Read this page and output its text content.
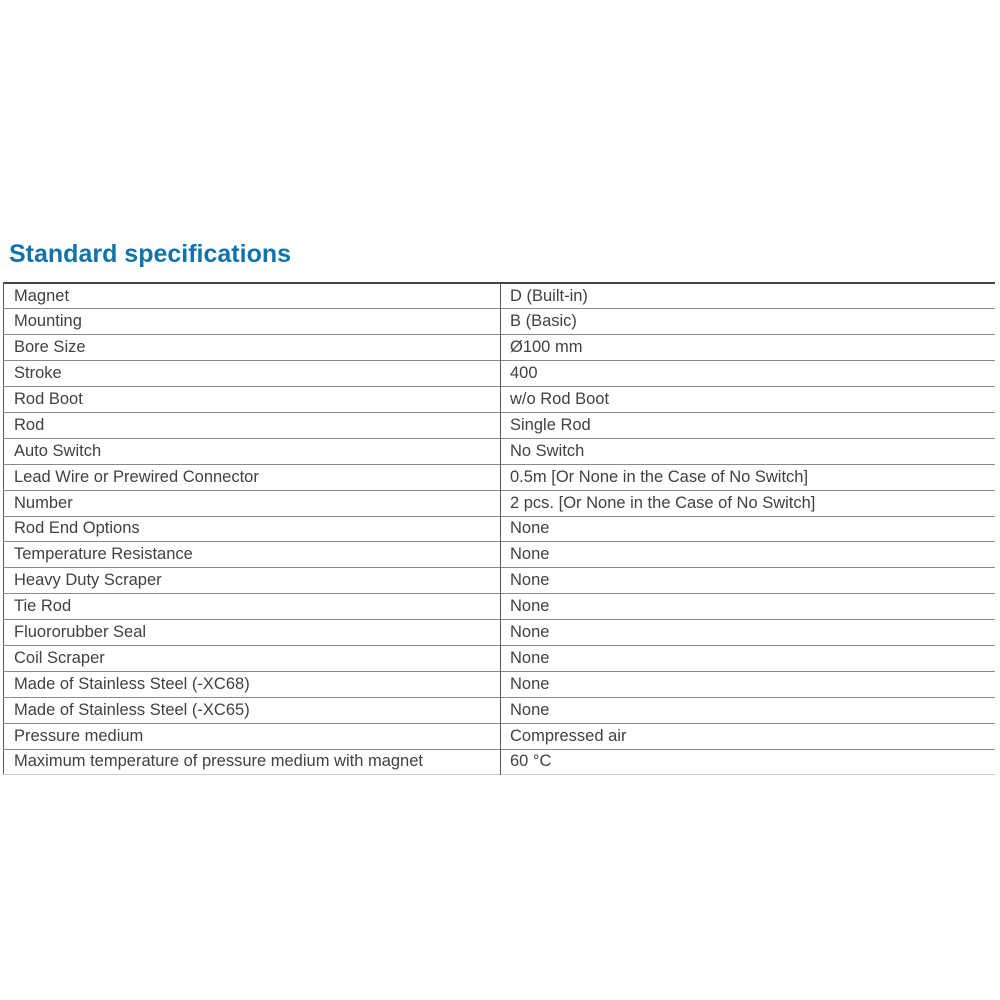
Standard specifications
Magnet	D (Built-in)
Mounting	B (Basic)
Bore Size	Ø100 mm
Stroke	400
Rod Boot	w/o Rod Boot
Rod	Single Rod
Auto Switch	No Switch
Lead Wire or Prewired Connector	0.5m [Or None in the Case of No Switch]
Number	2 pcs. [Or None in the Case of No Switch]
Rod End Options	None
Temperature Resistance	None
Heavy Duty Scraper	None
Tie Rod	None
Fluororubber Seal	None
Coil Scraper	None
Made of Stainless Steel (-XC68)	None
Made of Stainless Steel (-XC65)	None
Pressure medium	Compressed air
Maximum temperature of pressure medium with magnet	60 °C
